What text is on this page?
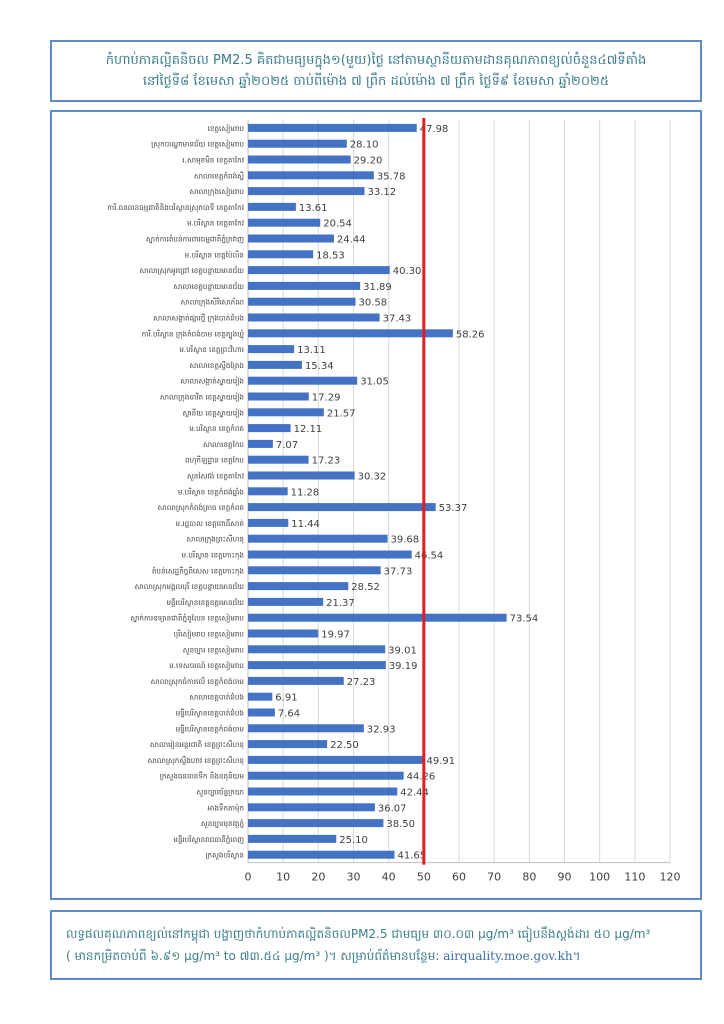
កំហាប់ភាគល្អិតនិចល PM2.5 គិតជាមធ្យមក្នុង១(មួយ)ថ្ងៃ នៅតាមស្ថានីយតាមដានគុណភាពខ្យល់ចំនួន៤៧ទីតាំង
នៅថ្ងៃទី៨ ខែមេសា ឆ្នាំ២០២៥ ចាប់ពីម៉ោង ៧ ព្រឹក ដល់ម៉ោង ៧ ព្រឹក ថ្ងៃទី៩ ខែមេសា ឆ្នាំ២០២៥
0 10 20 30 40 50 60 70 80 90 100 110 120
ខេត្តសៀមរាប	47.98
ស្រុកបាណ្ឌាមានជ័យ ខេត្តសៀមរាប	28.10
រ.សាមុខមិន ខេត្តតាកែវ	29.20
សាលាខេត្តកំពង់ស្ពឺ	35.78
សាលាក្រុងសៀមរាប	33.12
ការិ.ធនធានធម្មជាតិនិងបរិស្ថានស្រុកបាទី ខេត្តតាកែវ	13.61
ម.បរិស្ថាន ខេត្តតាកែវ	20.54
ស្នាក់ការតំបន់ការពារធម្មជាតិភ្នំក្រវាញ	24.44
ម.បរិស្ថាន ខេត្តប៉ៃលិន	18.53
សាលាស្រុកអូរជ្រៅ ខេត្តបន្ទាយមានជ័យ	40.30
សាលាខេត្តបន្ទាយមានជ័យ	31.89
សាលាក្រុងសិរីសោភ័ណ	30.58
សាលាសង្កាត់ផ្សារថ្មី ក្រុងបាត់ដំបង	37.43
ការិ.បរិស្ថាន ក្រុងកំពង់ចាម ខេត្តត្បូងឃ្មុំ	58.26
ម.បរិស្ថាន ខេត្តព្រះវិហារ	13.11
សាលាខេត្តស្ទឹងត្រែង	15.34
សាលាសង្កាត់ស្វាយរៀង	31.05
សាលាក្រុងបាវិត ខេត្តស្វាយរៀង	17.29
ស្ថានីយ ខេត្តស្វាយរៀង	21.57
ម.បរិស្ថាន ខេត្តកំពត	12.11
សាលាខេត្តកែប	7.07
ពហុកីឡដ្ឋាន ខេត្តកែប	17.23
សួនសៃវង់ ខេត្តតាកែវ	30.32
ម.បរិស្ថាន ខេត្តកំពង់ឆ្នាំង	11.28
សាលាស្រុកកំពង់ត្រាច ខេត្តកំពត	53.37
ម.រដ្ឋបាល ខេត្តពោធិ៍សាត់	11.44
សាលាក្រុងព្រះសីហនុ	39.68
ម.បរិស្ថាន ខេត្តកោះកុង	46.54
តំបន់សេដ្ឋកិច្ចពិសេស ខេត្តកោះកុង	37.73
សាលាស្រុកមង្គលបុរី ខេត្តបន្ទាយមានជ័យ	28.52
មន្ទីរបរិស្ថានខេត្តឧត្តរមានជ័យ	21.37
ស្នាក់ការឧទ្យានជាតិភ្នំគូលែន ខេត្តសៀមរាប	73.54
បុរីសៀមរាប ខេត្តសៀមរាប	19.97
សួនច្បារ ខេត្តសៀមរាប	39.01
ម.ទេសចរណ៍ ខេត្តសៀមរាប	39.19
សាលាស្រុកចំការលើ ខេត្តកំពង់ចាម	27.23
សាលាខេត្តបាត់ដំបង	6.91
មន្ទីរបរិស្ថានខេត្តបាត់ដំបង	7.64
មន្ទីរបរិស្ថានខេត្តកំពង់ចាម	32.93
សាលារៀនអន្តរជាតិ ខេត្តព្រះសីហនុ	22.50
សាលាស្រុកស្ទឹងហាវ ខេត្តព្រះសីហនុ	49.91
ក្រសួងធនធានទឹក និងឧតុនិយម	44.26
សួនច្បារច័ន្ទក្រយា	42.44
អាងទឹកតាម៉ុក	36.07
សួនច្បារមុខវត្តភ្នំ	38.50
មន្ទីរបរិស្ថានរាជធានីភ្នំពេញ	25.10
ក្រសួងបរិស្ថាន	41.65
លទ្ធផលគុណភាពខ្យល់នៅកម្ពុជា បង្ហាញថាកំហាប់ភាគល្អិតនិចលPM2.5 ជាមធ្យម ៣០.០៣ µg/m³ ធៀបនឹងស្តង់ដារ ៥០ µg/m³
( មានកម្រិតចាប់ពី ៦.៩១ µg/m³ to ៧៣.៥៤ µg/m³ )។ សម្រាប់ព័ត៌មានបន្ថែម: airquality.moe.gov.kh។
